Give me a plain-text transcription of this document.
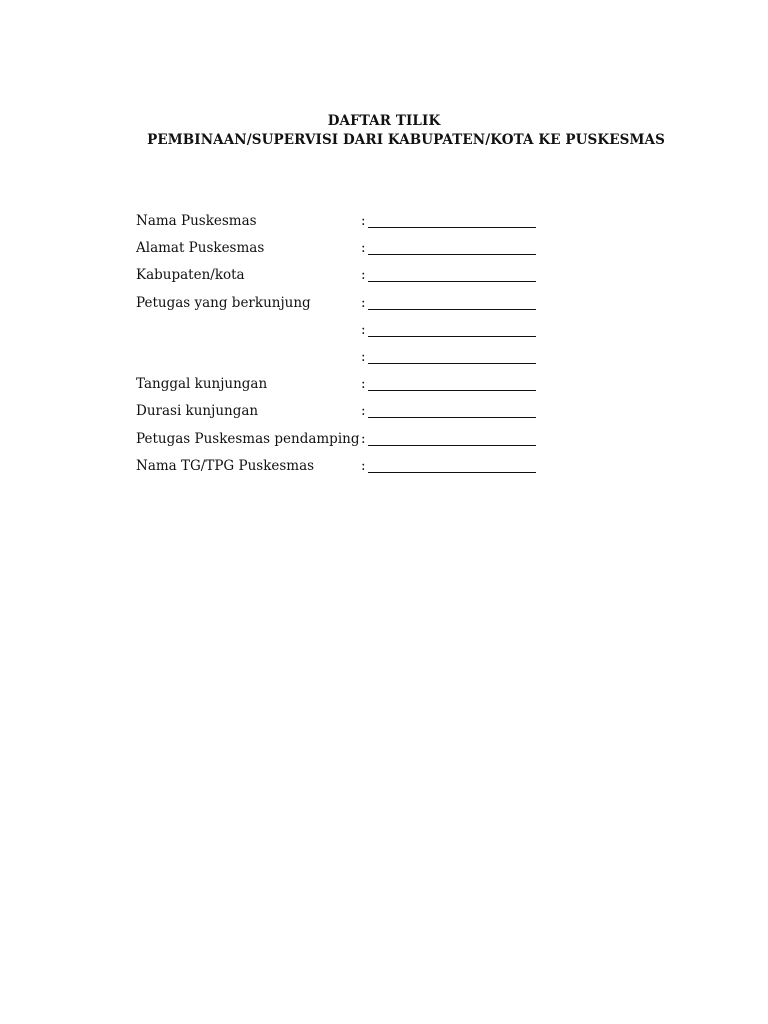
DAFTAR TILIK

PEMBINAAN/SUPERVISI DARI KABUPATEN/KOTA KE PUSKESMAS

Nama Puskesmas	:
Alamat Puskesmas	:
Kabupaten/kota	:
Petugas yang berkunjung	:
:
:
Tanggal kunjungan	:
Durasi kunjungan	:
Petugas Puskesmas pendamping :
Nama TG/TPG Puskesmas	:
